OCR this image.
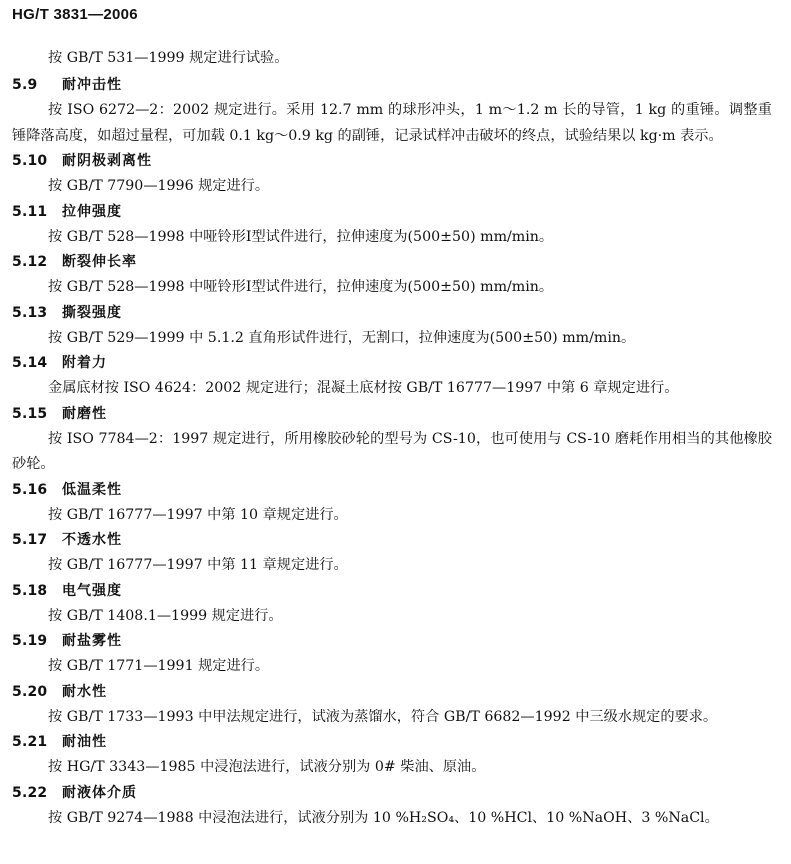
HG/T 3831—2006

按 GB/T 531—1999 规定进行试验。

5.9	耐冲击性

按 ISO 6272—2：2002 规定进行。采用 12.7 mm 的球形冲头，1 m～1.2 m 长的导管，1 kg 的重锤。调整重锤降落高度，如超过量程，可加载 0.1 kg～0.9 kg 的副锤，记录试样冲击破坏的终点，试验结果以 kg·m 表示。

5.10 耐阴极剥离性

按 GB/T 7790—1996 规定进行。

5.11 拉伸强度

按 GB/T 528—1998 中哑铃形Ⅰ型试件进行，拉伸速度为(500±50) mm/min。

5.12 断裂伸长率

按 GB/T 528—1998 中哑铃形Ⅰ型试件进行，拉伸速度为(500±50) mm/min。

5.13 撕裂强度

按 GB/T 529—1999 中 5.1.2 直角形试件进行，无割口，拉伸速度为(500±50) mm/min。

5.14 附着力

金属底材按 ISO 4624：2002 规定进行；混凝土底材按 GB/T 16777—1997 中第 6 章规定进行。

5.15 耐磨性

按 ISO 7784—2：1997 规定进行，所用橡胶砂轮的型号为 CS-10，也可使用与 CS-10 磨耗作用相当的其他橡胶砂轮。

5.16 低温柔性

按 GB/T 16777—1997 中第 10 章规定进行。

5.17 不透水性

按 GB/T 16777—1997 中第 11 章规定进行。

5.18 电气强度

按 GB/T 1408.1—1999 规定进行。

5.19 耐盐雾性

按 GB/T 1771—1991 规定进行。

5.20 耐水性

按 GB/T 1733—1993 中甲法规定进行，试液为蒸馏水，符合 GB/T 6682—1992 中三级水规定的要求。

5.21 耐油性

按 HG/T 3343—1985 中浸泡法进行，试液分别为 0# 柴油、原油。

5.22 耐液体介质

按 GB/T 9274—1988 中浸泡法进行，试液分别为 10 %H₂SO₄、10 %HCl、10 %NaOH、3 %NaCl。
